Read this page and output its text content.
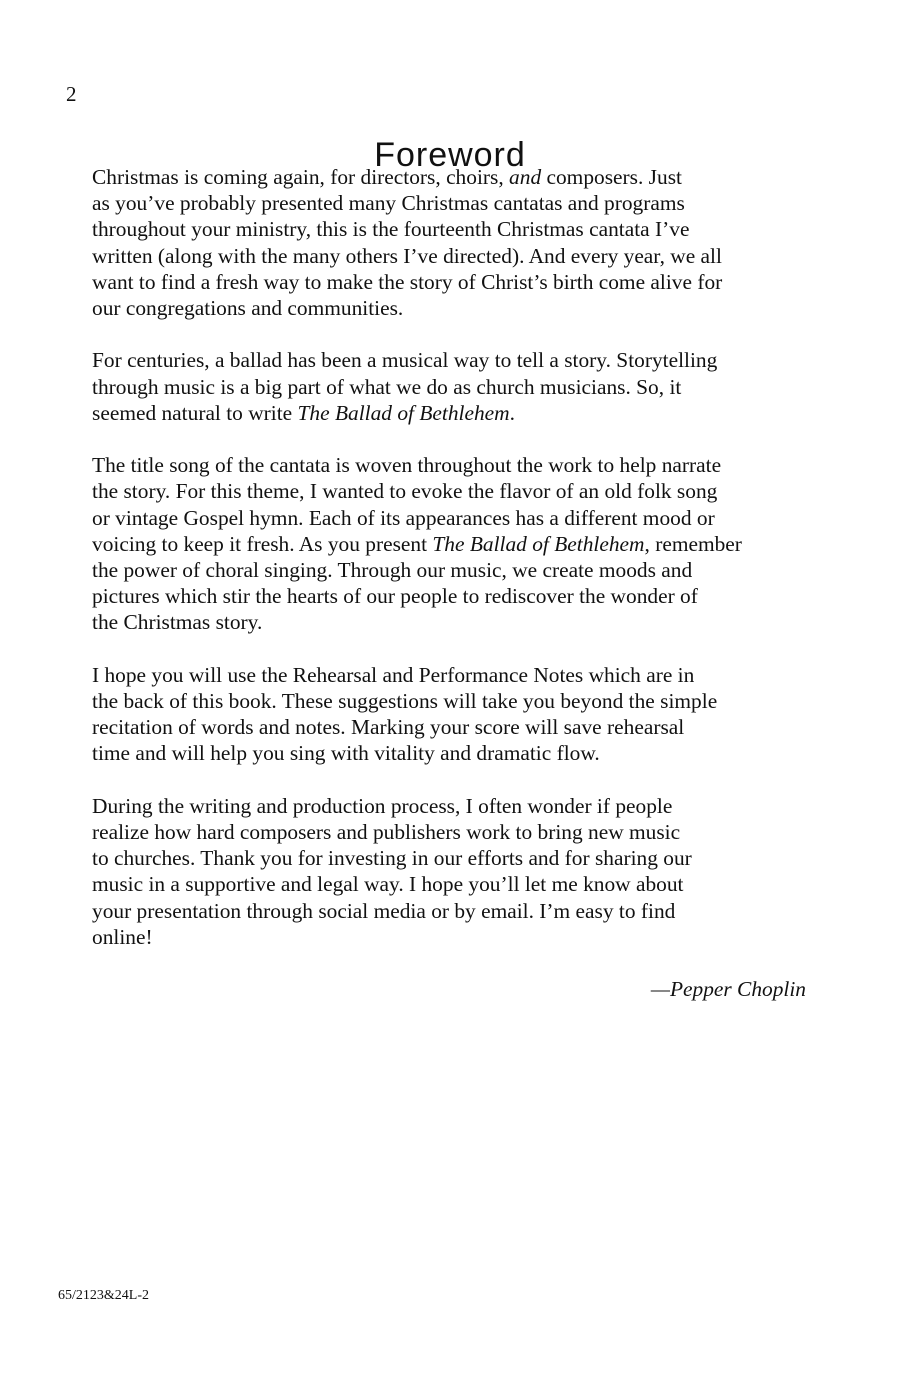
2
Foreword
Christmas is coming again, for directors, choirs, and composers. Just
as you’ve probably presented many Christmas cantatas and programs
throughout your ministry, this is the fourteenth Christmas cantata I’ve
written (along with the many others I’ve directed). And every year, we all
want to find a fresh way to make the story of Christ’s birth come alive for
our congregations and communities.
For centuries, a ballad has been a musical way to tell a story. Storytelling
through music is a big part of what we do as church musicians. So, it
seemed natural to write The Ballad of Bethlehem.
The title song of the cantata is woven throughout the work to help narrate
the story. For this theme, I wanted to evoke the flavor of an old folk song
or vintage Gospel hymn. Each of its appearances has a different mood or
voicing to keep it fresh. As you present The Ballad of Bethlehem, remember
the power of choral singing. Through our music, we create moods and
pictures which stir the hearts of our people to rediscover the wonder of
the Christmas story.
I hope you will use the Rehearsal and Performance Notes which are in
the back of this book. These suggestions will take you beyond the simple
recitation of words and notes. Marking your score will save rehearsal
time and will help you sing with vitality and dramatic flow.
During the writing and production process, I often wonder if people
realize how hard composers and publishers work to bring new music
to churches. Thank you for investing in our efforts and for sharing our
music in a supportive and legal way. I hope you’ll let me know about
your presentation through social media or by email. I’m easy to find
online!
—Pepper Choplin
65/2123&24L-2
